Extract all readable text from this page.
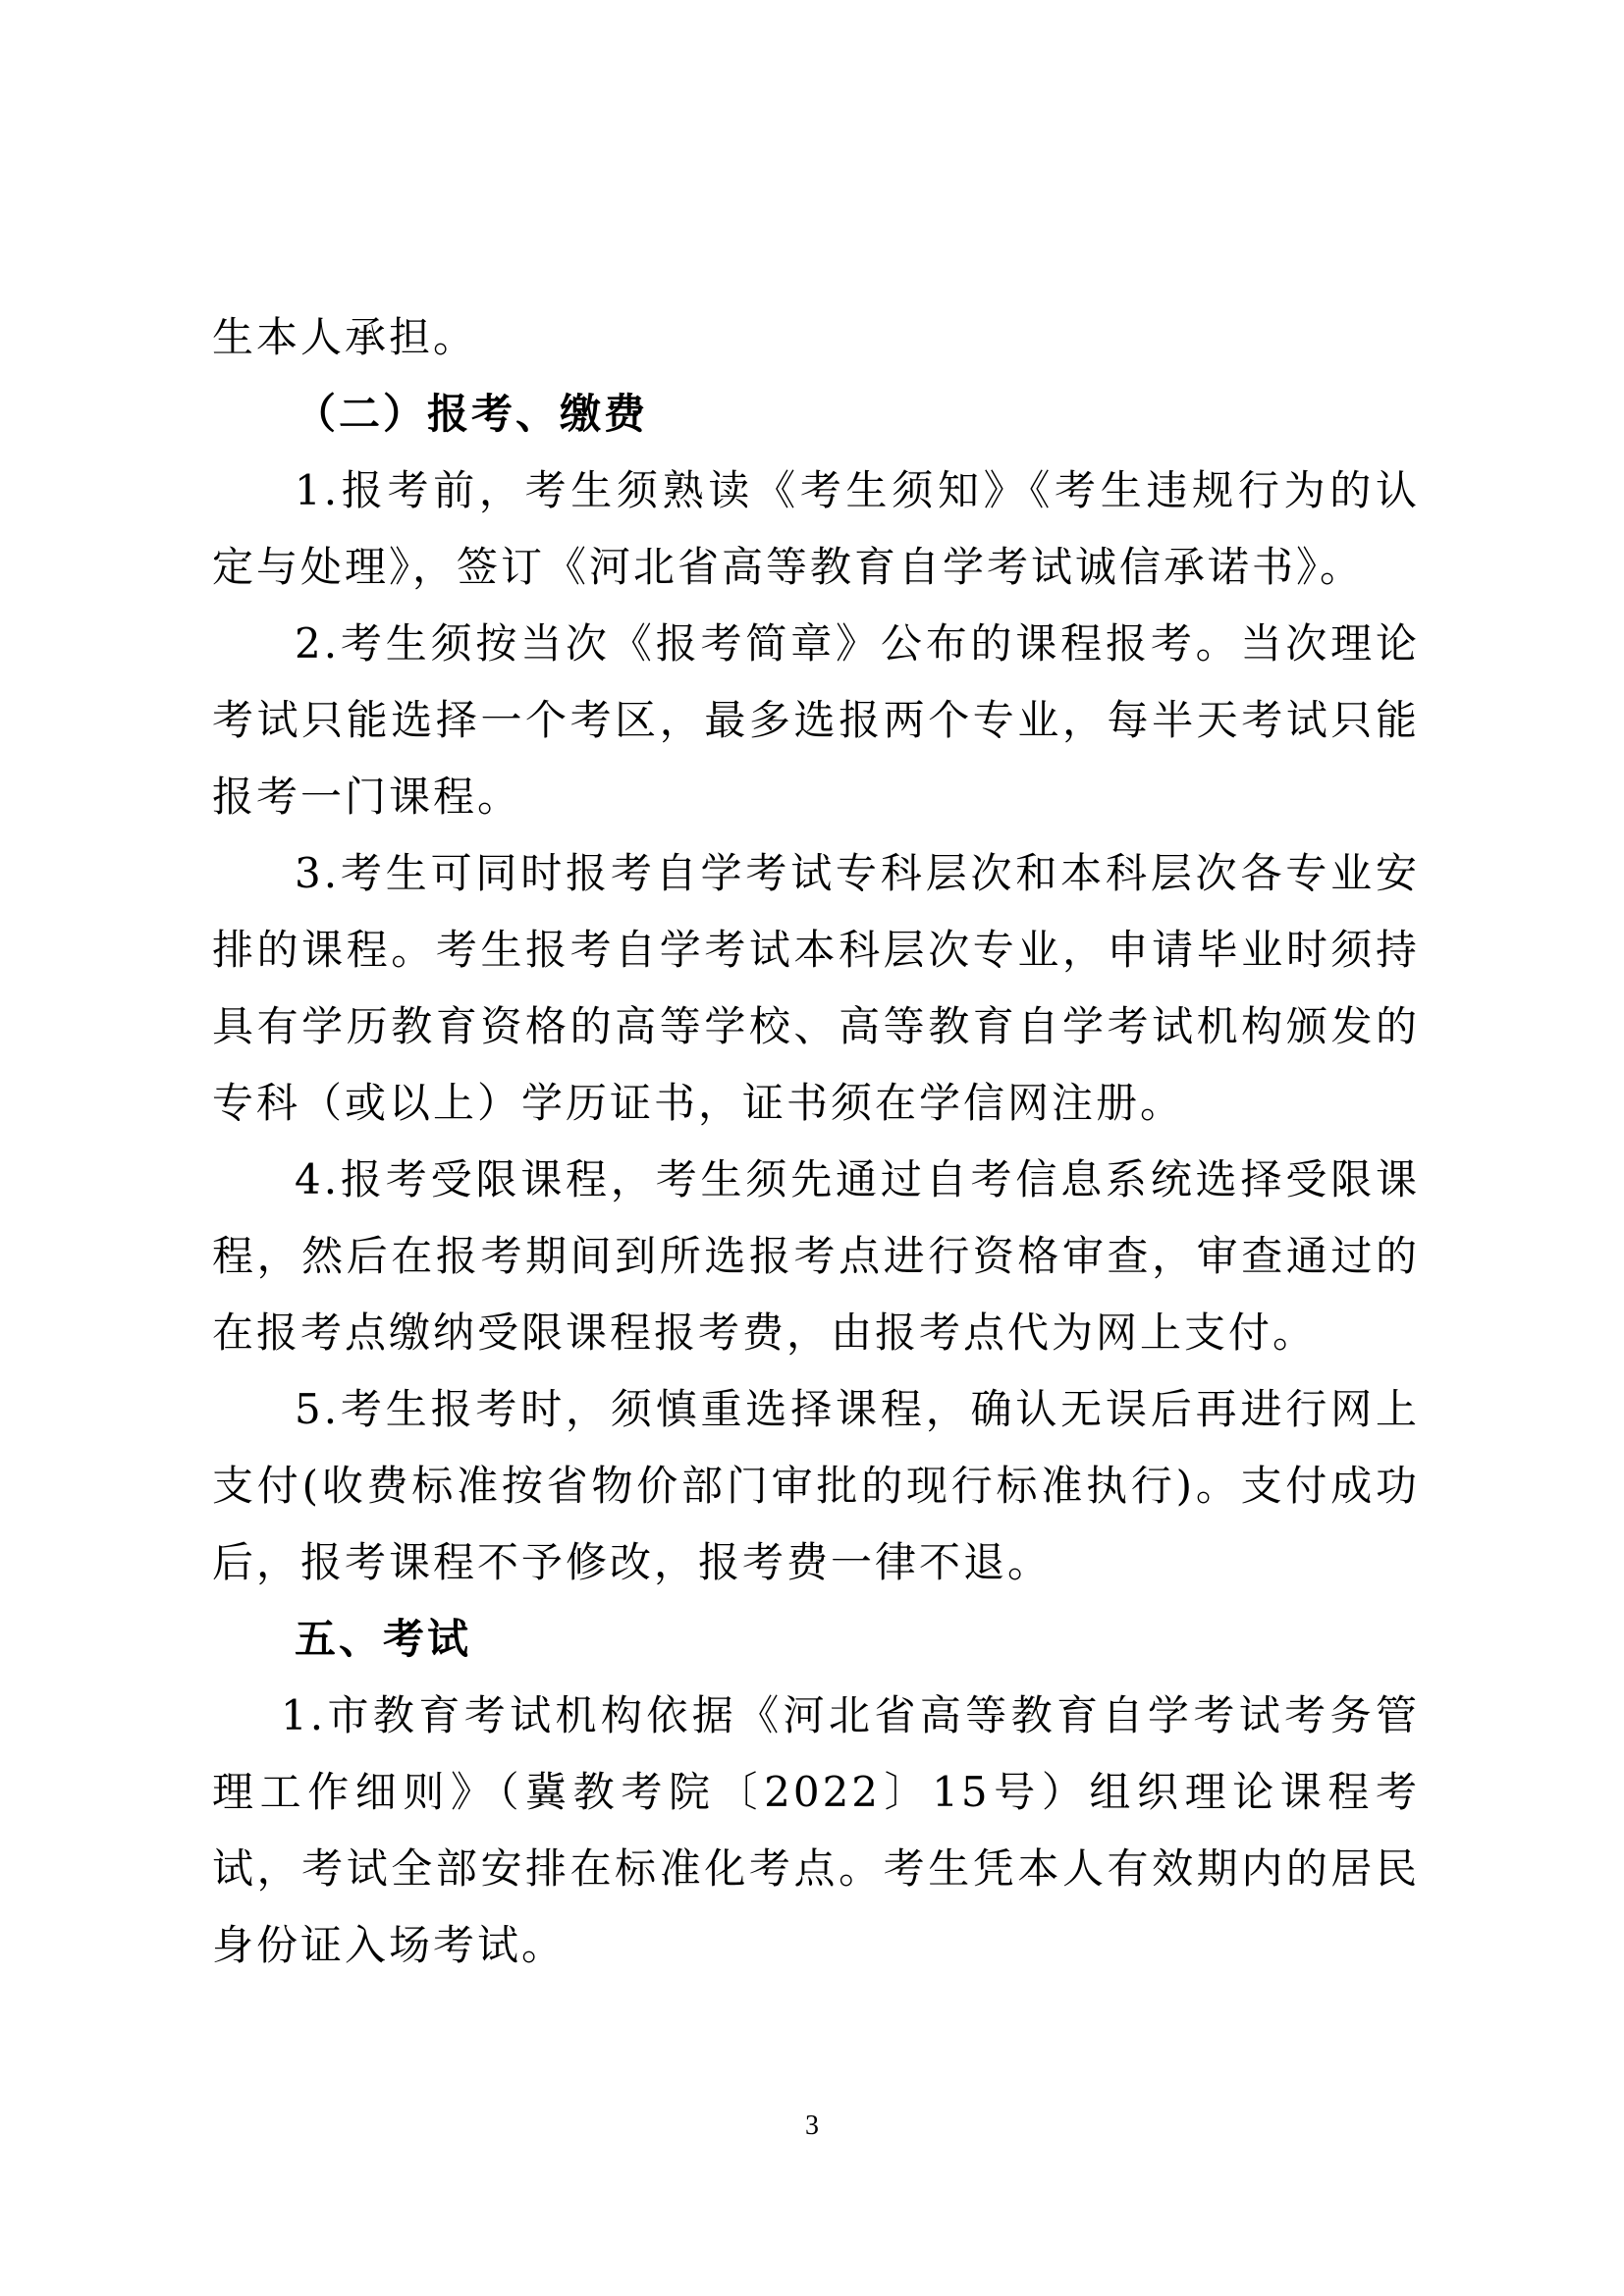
生本人承担。

（二）报考、缴费

1.报考前，考生须熟读《考生须知》《考生违规行为的认定与处理》，签订《河北省高等教育自学考试诚信承诺书》。

2.考生须按当次《报考简章》公布的课程报考。当次理论考试只能选择一个考区，最多选报两个专业，每半天考试只能报考一门课程。

3.考生可同时报考自学考试专科层次和本科层次各专业安排的课程。考生报考自学考试本科层次专业，申请毕业时须持具有学历教育资格的高等学校、高等教育自学考试机构颁发的专科（或以上）学历证书，证书须在学信网注册。

4.报考受限课程，考生须先通过自考信息系统选择受限课程，然后在报考期间到所选报考点进行资格审查，审查通过的在报考点缴纳受限课程报考费，由报考点代为网上支付。

5.考生报考时，须慎重选择课程，确认无误后再进行网上支付(收费标准按省物价部门审批的现行标准执行)。支付成功后，报考课程不予修改，报考费一律不退。

五、考试

1.市教育考试机构依据《河北省高等教育自学考试考务管理工作细则》（冀教考院〔2022〕15号）组织理论课程考试，考试全部安排在标准化考点。考生凭本人有效期内的居民身份证入场考试。

3
